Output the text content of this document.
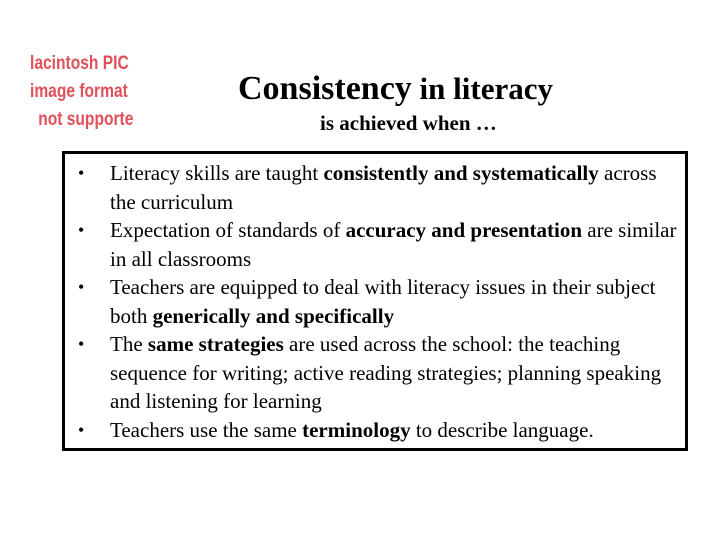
lacintosh PIC
image format
not supporte
Consistency in literacy
is achieved when …
• Literacy skills are taught consistently and systematically across the curriculum
• Expectation of standards of accuracy and presentation are similar in all classrooms
• Teachers are equipped to deal with literacy issues in their subject both generically and specifically
• The same strategies are used across the school: the teaching sequence for writing; active reading strategies; planning speaking and listening for learning
• Teachers use the same terminology to describe language.
